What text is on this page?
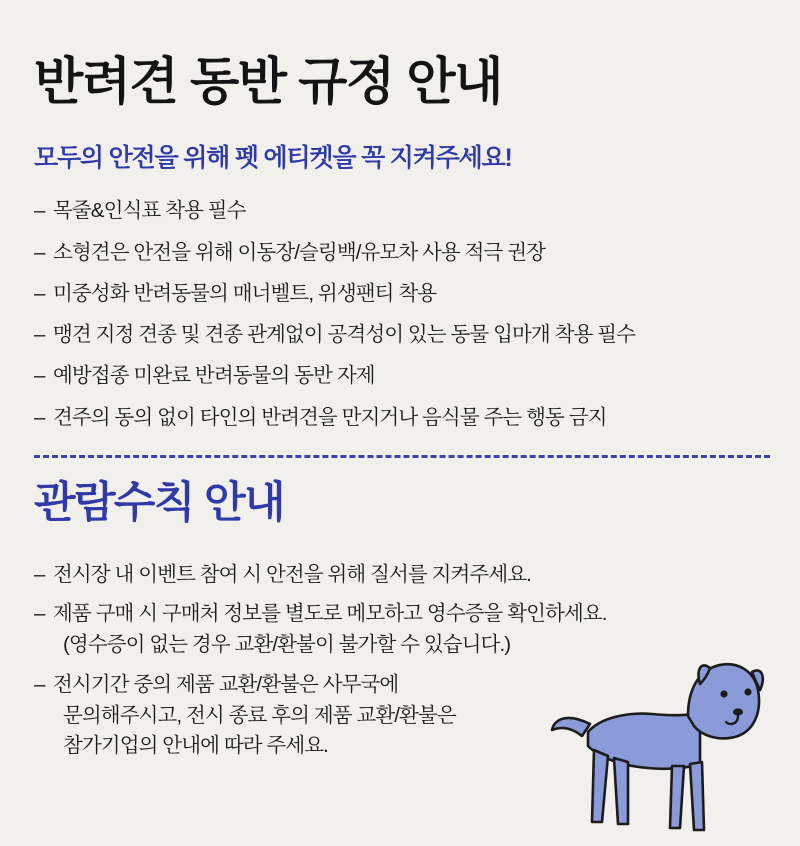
반려견 동반 규정 안내
모두의 안전을 위해 펫 에티켓을 꼭 지켜주세요!
– 목줄&인식표 착용 필수
– 소형견은 안전을 위해 이동장/슬링백/유모차 사용 적극 권장
– 미중성화 반려동물의 매너벨트, 위생팬티 착용
– 맹견 지정 견종 및 견종 관계없이 공격성이 있는 동물 입마개 착용 필수
– 예방접종 미완료 반려동물의 동반 자제
– 견주의 동의 없이 타인의 반려견을 만지거나 음식물 주는 행동 금지
관람수칙 안내
– 전시장 내 이벤트 참여 시 안전을 위해 질서를 지켜주세요.
– 제품 구매 시 구매처 정보를 별도로 메모하고 영수증을 확인하세요.
(영수증이 없는 경우 교환/환불이 불가할 수 있습니다.)
– 전시기간 중의 제품 교환/환불은 사무국에
문의해주시고, 전시 종료 후의 제품 교환/환불은
참가기업의 안내에 따라 주세요.
